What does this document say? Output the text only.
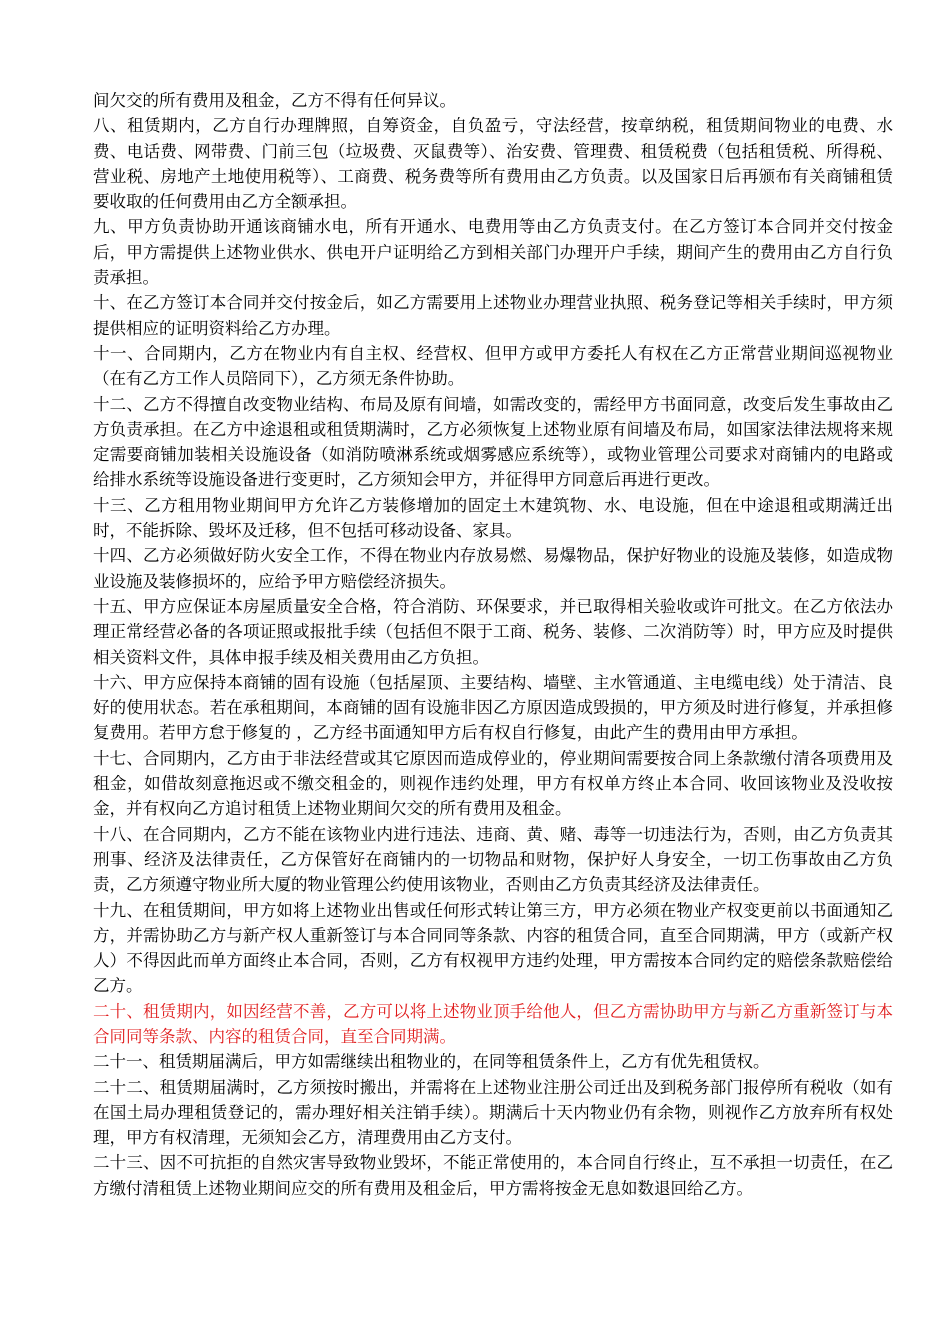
间欠交的所有费用及租金，乙方不得有任何异议。

八、租赁期内，乙方自行办理牌照，自筹资金，自负盈亏，守法经营，按章纳税，租赁期间物业的电费、水费、电话费、网带费、门前三包（垃圾费、灭鼠费等）、治安费、管理费、租赁税费（包括租赁税、所得税、营业税、房地产土地使用税等）、工商费、税务费等所有费用由乙方负责。以及国家日后再颁布有关商铺租赁要收取的任何费用由乙方全额承担。

九、甲方负责协助开通该商铺水电，所有开通水、电费用等由乙方负责支付。在乙方签订本合同并交付按金后，甲方需提供上述物业供水、供电开户证明给乙方到相关部门办理开户手续，期间产生的费用由乙方自行负责承担。

十、在乙方签订本合同并交付按金后，如乙方需要用上述物业办理营业执照、税务登记等相关手续时，甲方须提供相应的证明资料给乙方办理。

十一、合同期内，乙方在物业内有自主权、经营权、但甲方或甲方委托人有权在乙方正常营业期间巡视物业（在有乙方工作人员陪同下），乙方须无条件协助。

十二、乙方不得擅自改变物业结构、布局及原有间墙，如需改变的，需经甲方书面同意，改变后发生事故由乙方负责承担。在乙方中途退租或租赁期满时，乙方必须恢复上述物业原有间墙及布局，如国家法律法规将来规定需要商铺加装相关设施设备（如消防喷淋系统或烟雾感应系统等），或物业管理公司要求对商铺内的电路或给排水系统等设施设备进行变更时，乙方须知会甲方，并征得甲方同意后再进行更改。

十三、乙方租用物业期间甲方允许乙方装修增加的固定土木建筑物、水、电设施，但在中途退租或期满迁出时，不能拆除、毁坏及迁移，但不包括可移动设备、家具。

十四、乙方必须做好防火安全工作，不得在物业内存放易燃、易爆物品，保护好物业的设施及装修，如造成物业设施及装修损坏的，应给予甲方赔偿经济损失。

十五、甲方应保证本房屋质量安全合格，符合消防、环保要求，并已取得相关验收或许可批文。在乙方依法办理正常经营必备的各项证照或报批手续（包括但不限于工商、税务、装修、二次消防等）时，甲方应及时提供相关资料文件，具体申报手续及相关费用由乙方负担。

十六、甲方应保持本商铺的固有设施（包括屋顶、主要结构、墙壁、主水管通道、主电缆电线）处于清洁、良好的使用状态。若在承租期间，本商铺的固有设施非因乙方原因造成毁损的，甲方须及时进行修复，并承担修复费用。若甲方怠于修复的 ，乙方经书面通知甲方后有权自行修复，由此产生的费用由甲方承担。

十七、合同期内，乙方由于非法经营或其它原因而造成停业的，停业期间需要按合同上条款缴付清各项费用及租金，如借故刻意拖迟或不缴交租金的，则视作违约处理，甲方有权单方终止本合同、收回该物业及没收按金，并有权向乙方追讨租赁上述物业期间欠交的所有费用及租金。

十八、在合同期内，乙方不能在该物业内进行违法、违商、黄、赌、毒等一切违法行为，否则，由乙方负责其刑事、经济及法律责任，乙方保管好在商铺内的一切物品和财物，保护好人身安全，一切工伤事故由乙方负责，乙方须遵守物业所大厦的物业管理公约使用该物业，否则由乙方负责其经济及法律责任。

十九、在租赁期间，甲方如将上述物业出售或任何形式转让第三方，甲方必须在物业产权变更前以书面通知乙方，并需协助乙方与新产权人重新签订与本合同同等条款、内容的租赁合同，直至合同期满，甲方（或新产权人）不得因此而单方面终止本合同，否则，乙方有权视甲方违约处理，甲方需按本合同约定的赔偿条款赔偿给乙方。

二十、租赁期内，如因经营不善，乙方可以将上述物业顶手给他人，但乙方需协助甲方与新乙方重新签订与本合同同等条款、内容的租赁合同，直至合同期满。

二十一、租赁期届满后，甲方如需继续出租物业的，在同等租赁条件上，乙方有优先租赁权。

二十二、租赁期届满时，乙方须按时搬出，并需将在上述物业注册公司迁出及到税务部门报停所有税收（如有在国土局办理租赁登记的，需办理好相关注销手续）。期满后十天内物业仍有余物，则视作乙方放弃所有权处理，甲方有权清理，无须知会乙方，清理费用由乙方支付。

二十三、因不可抗拒的自然灾害导致物业毁坏，不能正常使用的，本合同自行终止，互不承担一切责任，在乙方缴付清租赁上述物业期间应交的所有费用及租金后，甲方需将按金无息如数退回给乙方。
